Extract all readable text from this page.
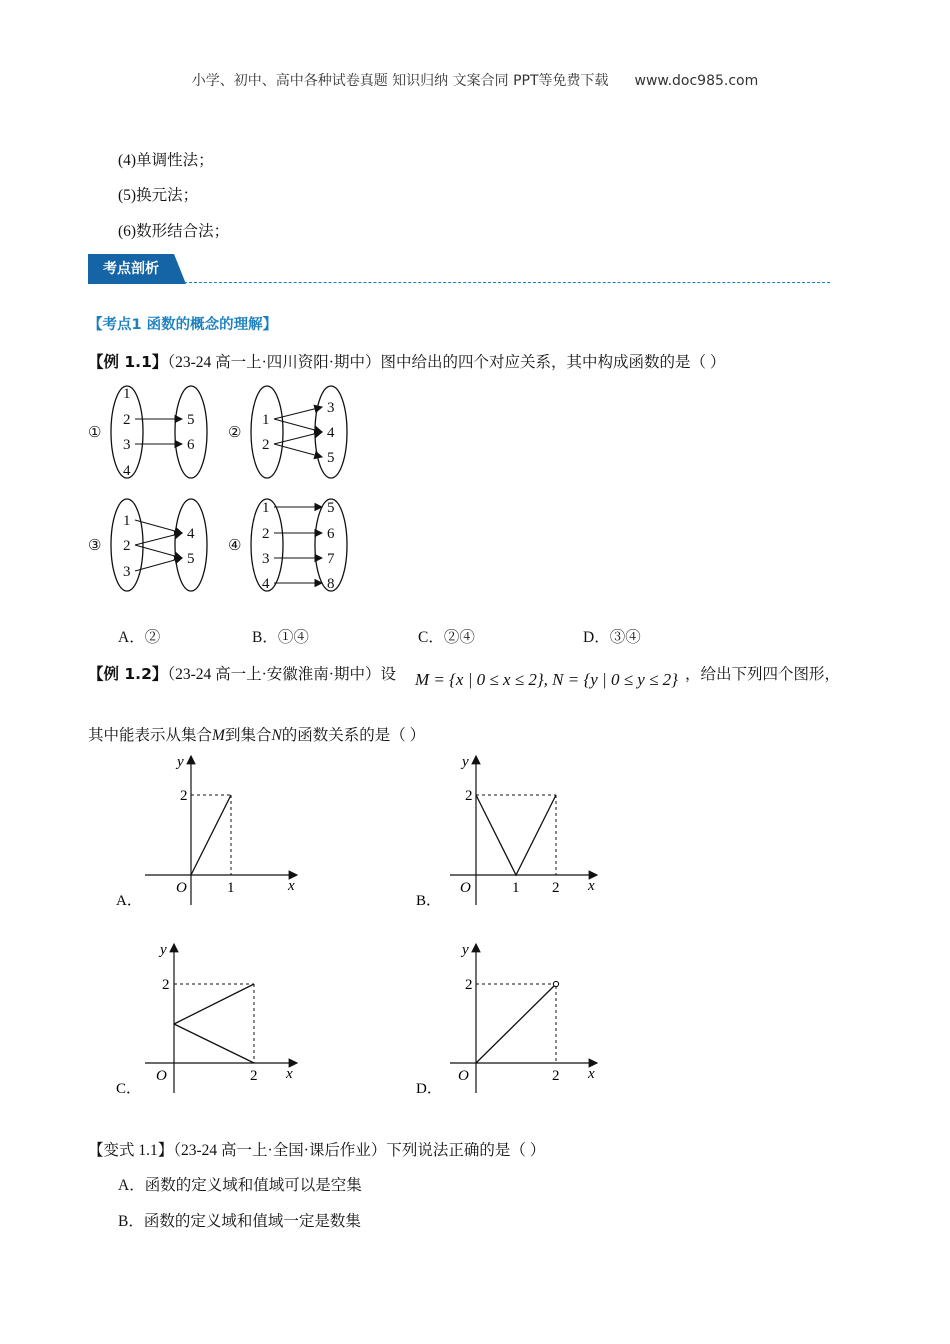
小学、初中、高中各种试卷真题 知识归纳 文案合同 PPT等免费下载 www.doc985.com
(4)单调性法；
(5)换元法；
(6)数形结合法；
考点剖析
【考点1 函数的概念的理解】
【例 1.1】（23-24 高一上·四川资阳·期中）图中给出的四个对应关系，其中构成函数的是（ ）
①
1
2
3
4
5
6
②
1
2
3
4
5
③
1
2
3
4
5
④
1
2
3
4
5
6
7
8
A．②	B．①④	C．②④	D．③④
【例 1.2】（23-24 高一上·安徽淮南·期中）设 M = {x | 0 ≤ x ≤ 2}, N = {y | 0 ≤ y ≤ 2} ，给出下列四个图形，
其中能表示从集合M到集合N的函数关系的是（ ）
y
2
O	1	x
A．
y
2
O	1 2 x
B．
y
2
O	2 x
C．
y
2
O	2 x
D．
【变式 1.1】（23-24 高一上·全国·课后作业）下列说法正确的是（ ）
A．函数的定义域和值域可以是空集
B．函数的定义域和值域一定是数集
